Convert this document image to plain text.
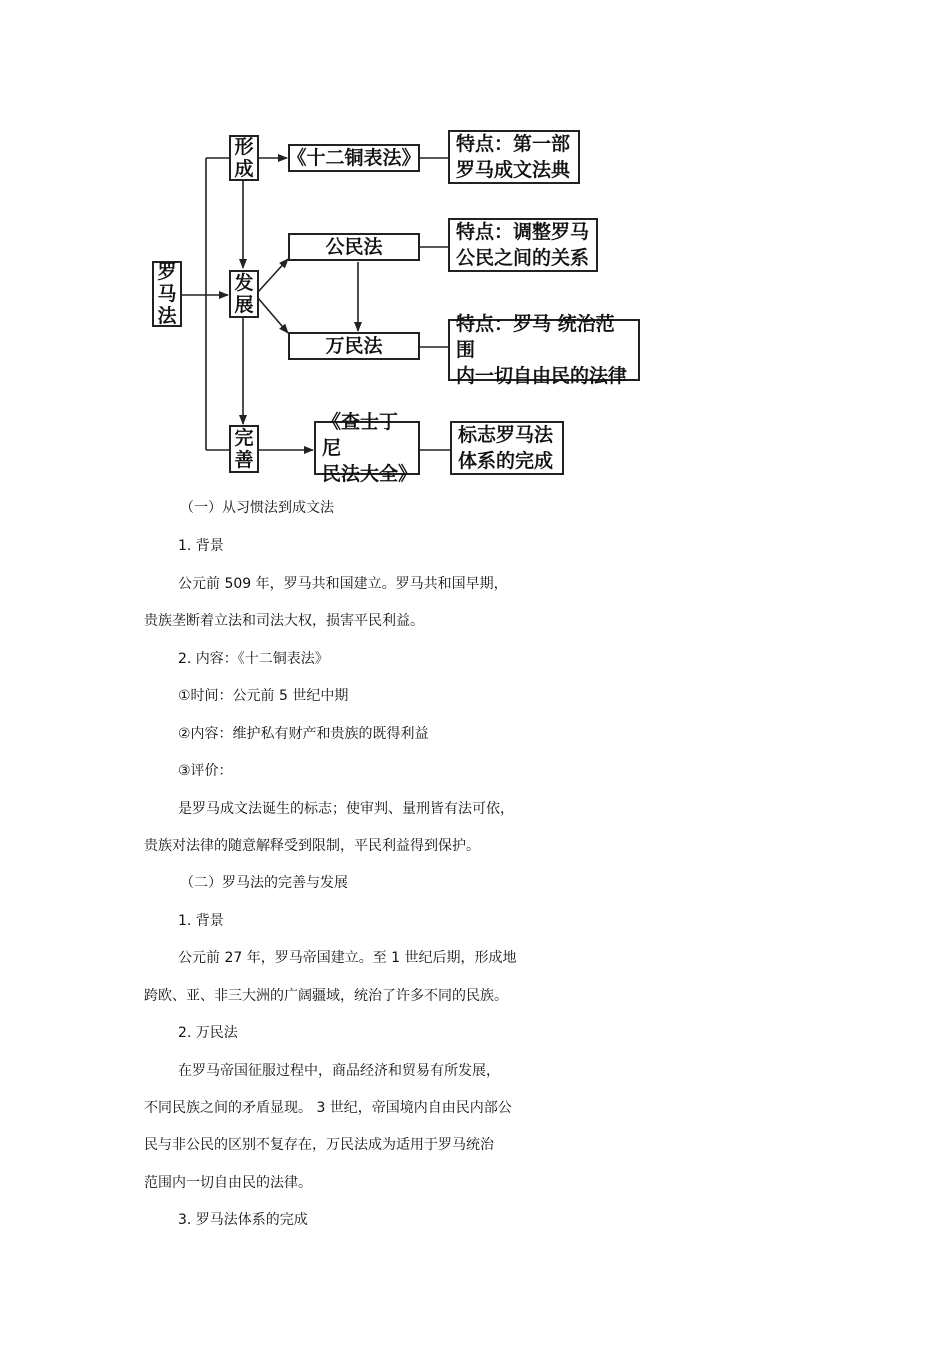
罗马法
形成
发展
完善
《十二铜表法》
公民法
万民法
《查士丁尼
民法大全》
特点：第一部
罗马成文法典
特点：调整罗马
公民之间的关系
特点：罗马 统治范围
内一切自由民的法律
标志罗马法
体系的完成
（一）从习惯法到成文法
1. 背景
公元前 509 年，罗马共和国建立。罗马共和国早期，
贵族垄断着立法和司法大权，损害平民利益。
2. 内容：《十二铜表法》
①时间：公元前 5 世纪中期
②内容：维护私有财产和贵族的既得利益
③评价：
是罗马成文法诞生的标志；使审判、量刑皆有法可依，
贵族对法律的随意解释受到限制，平民利益得到保护。
（二）罗马法的完善与发展
1. 背景
公元前 27 年，罗马帝国建立。至 1 世纪后期，形成地
跨欧、亚、非三大洲的广阔疆域，统治了许多不同的民族。
2. 万民法
在罗马帝国征服过程中，商品经济和贸易有所发展，
不同民族之间的矛盾显现。 3 世纪，帝国境内自由民内部公
民与非公民的区别不复存在，万民法成为适用于罗马统治
范围内一切自由民的法律。
3. 罗马法体系的完成
